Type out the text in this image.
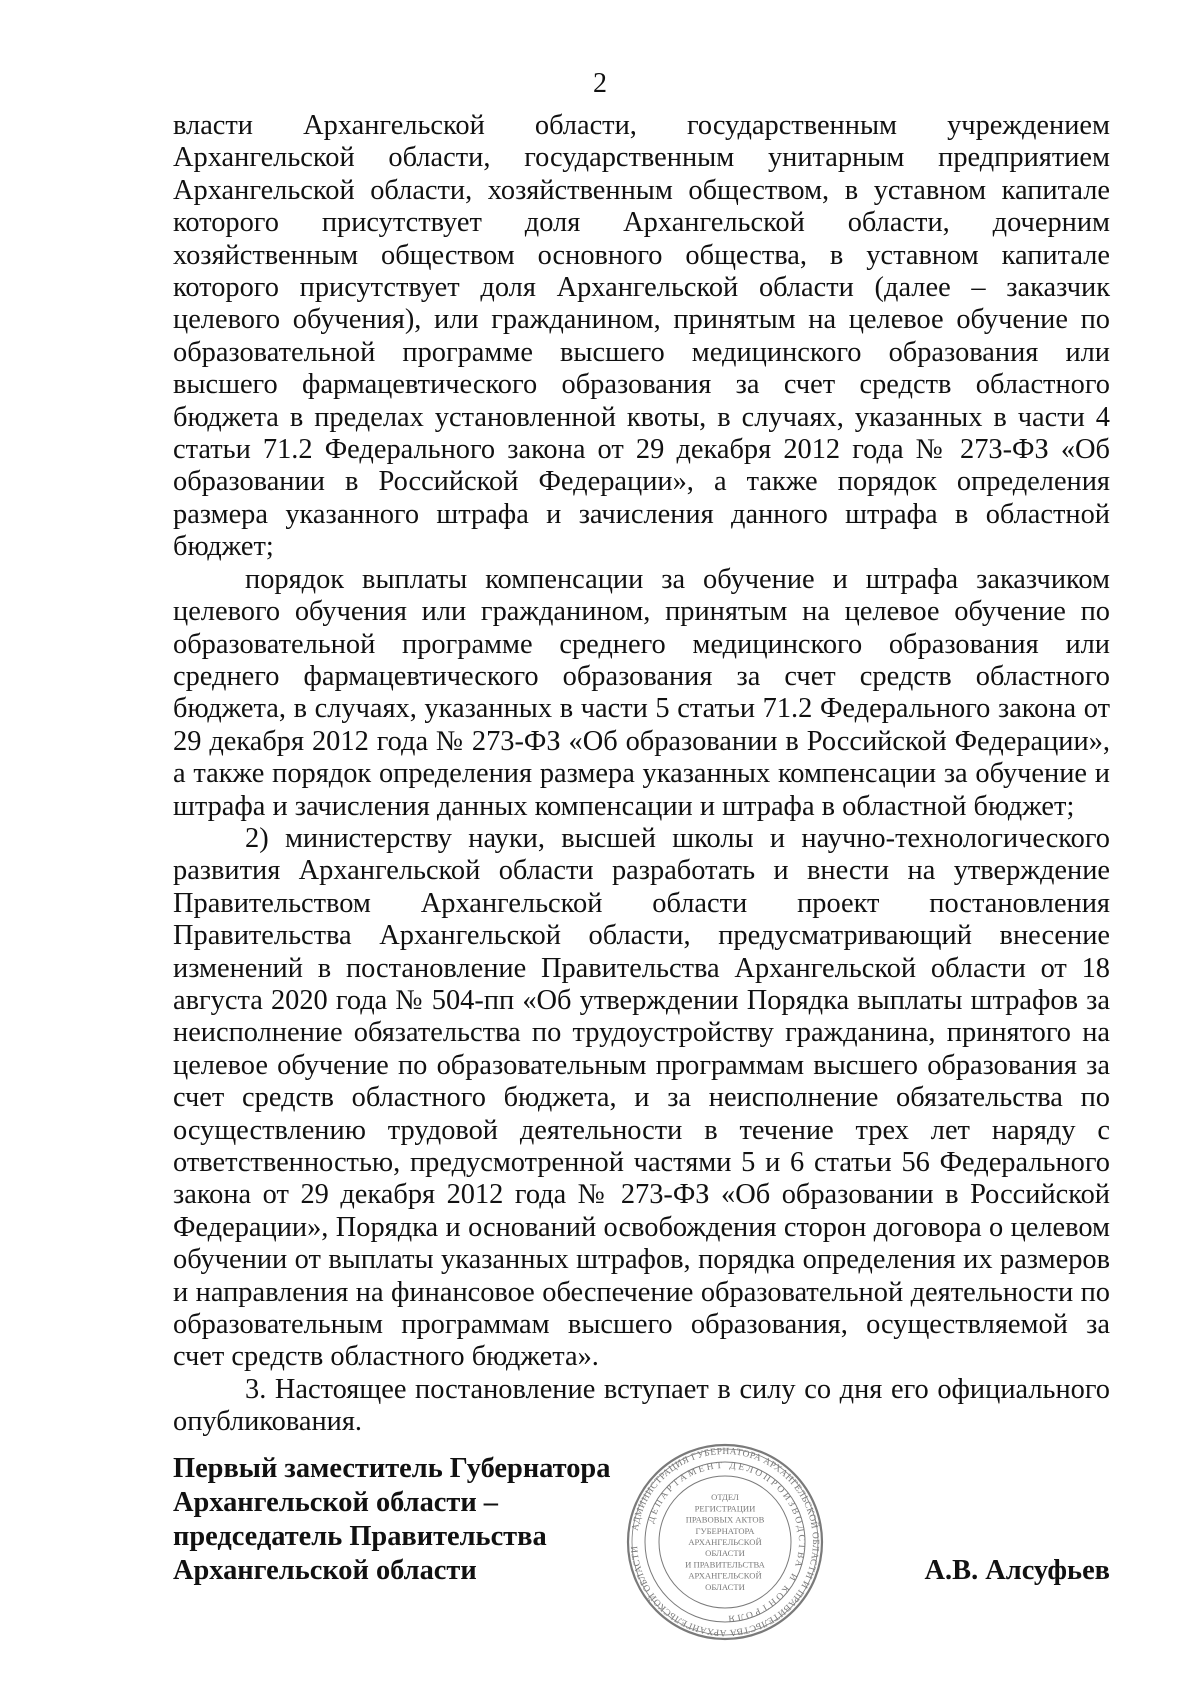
2

власти Архангельской области, государственным учреждением Архангельской области, государственным унитарным предприятием Архангельской области, хозяйственным обществом, в уставном капитале которого присутствует доля Архангельской области, дочерним хозяйственным обществом основного общества, в уставном капитале которого присутствует доля Архангельской области (далее – заказчик целевого обучения), или гражданином, принятым на целевое обучение по образовательной программе высшего медицинского образования или высшего фармацевтического образования за счет средств областного бюджета в пределах установленной квоты, в случаях, указанных в части 4 статьи 71.2 Федерального закона от 29 декабря 2012 года № 273-ФЗ «Об образовании в Российской Федерации», а также порядок определения размера указанного штрафа и зачисления данного штрафа в областной бюджет;

порядок выплаты компенсации за обучение и штрафа заказчиком целевого обучения или гражданином, принятым на целевое обучение по образовательной программе среднего медицинского образования или среднего фармацевтического образования за счет средств областного бюджета, в случаях, указанных в части 5 статьи 71.2 Федерального закона от 29 декабря 2012 года № 273-ФЗ «Об образовании в Российской Федерации», а также порядок определения размера указанных компенсации за обучение и штрафа и зачисления данных компенсации и штрафа в областной бюджет;

2) министерству науки, высшей школы и научно-технологического развития Архангельской области разработать и внести на утверждение Правительством Архангельской области проект постановления Правительства Архангельской области, предусматривающий внесение изменений в постановление Правительства Архангельской области от 18 августа 2020 года № 504-пп «Об утверждении Порядка выплаты штрафов за неисполнение обязательства по трудоустройству гражданина, принятого на целевое обучение по образовательным программам высшего образования за счет средств областного бюджета, и за неисполнение обязательства по осуществлению трудовой деятельности в течение трех лет наряду с ответственностью, предусмотренной частями 5 и 6 статьи 56 Федерального закона от 29 декабря 2012 года № 273-ФЗ «Об образовании в Российской Федерации», Порядка и оснований освобождения сторон договора о целевом обучении от выплаты указанных штрафов, порядка определения их размеров и направления на финансовое обеспечение образовательной деятельности по образовательным программам высшего образования, осуществляемой за счет средств областного бюджета».

3. Настоящее постановление вступает в силу со дня его официального опубликования.

Первый заместитель Губернатора
Архангельской области –
председатель Правительства
Архангельской области
АДМИНИСТРАЦИЯ ГУБЕРНАТОРА АРХАНГЕЛЬСКОЙ ОБЛАСТИ И ПРАВИТЕЛЬСТВА АРХАНГЕЛЬСКОЙ ОБЛАСТИ
ДЕПАРТАМЕНТ ДЕЛОПРОИЗВОДСТВА И КОНТРОЛЯ
ОТДЕЛ
РЕГИСТРАЦИИ
ПРАВОВЫХ АКТОВ
ГУБЕРНАТОРА
АРХАНГЕЛЬСКОЙ
ОБЛАСТИ
И ПРАВИТЕЛЬСТВА
АРХАНГЕЛЬСКОЙ
ОБЛАСТИ
А.В. Алсуфьев
